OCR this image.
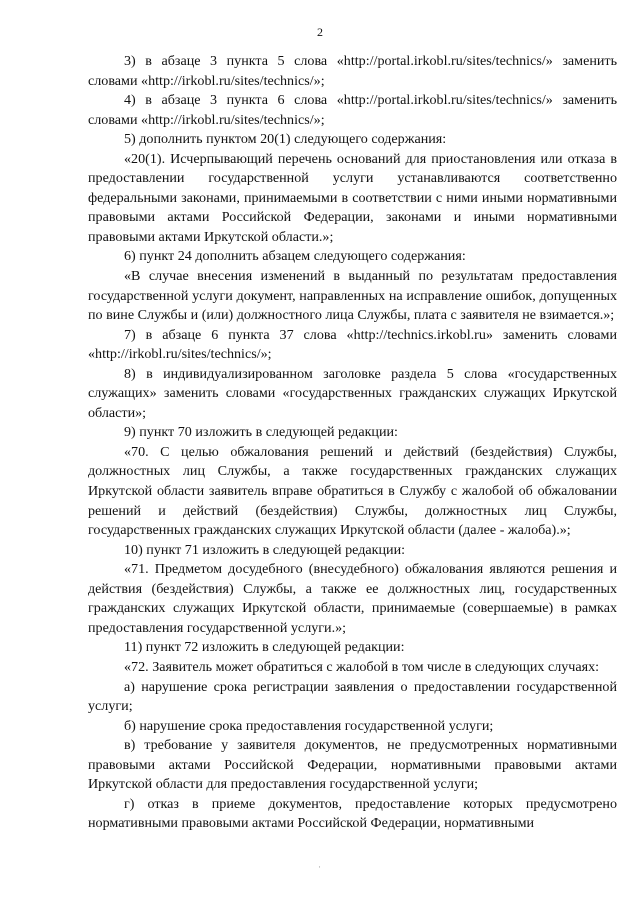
2

3) в абзаце 3 пункта 5 слова «http://portal.irkobl.ru/sites/technics/» заменить словами «http://irkobl.ru/sites/technics/»;

4) в абзаце 3 пункта 6 слова «http://portal.irkobl.ru/sites/technics/» заменить словами «http://irkobl.ru/sites/technics/»;

5) дополнить пунктом 20(1) следующего содержания:

«20(1). Исчерпывающий перечень оснований для приостановления или отказа в предоставлении государственной услуги устанавливаются соответственно федеральными законами, принимаемыми в соответствии с ними иными нормативными правовыми актами Российской Федерации, законами и иными нормативными правовыми актами Иркутской области.»;

6) пункт 24 дополнить абзацем следующего содержания:

«В случае внесения изменений в выданный по результатам предоставления государственной услуги документ, направленных на исправление ошибок, допущенных по вине Службы и (или) должностного лица Службы, плата с заявителя не взимается.»;

7) в абзаце 6 пункта 37 слова «http://technics.irkobl.ru» заменить словами «http://irkobl.ru/sites/technics/»;

8) в индивидуализированном заголовке раздела 5 слова «государственных служащих» заменить словами «государственных гражданских служащих Иркутской области»;

9) пункт 70 изложить в следующей редакции:

«70. С целью обжалования решений и действий (бездействия) Службы, должностных лиц Службы, а также государственных гражданских служащих Иркутской области заявитель вправе обратиться в Службу с жалобой об обжаловании решений и действий (бездействия) Службы, должностных лиц Службы, государственных гражданских служащих Иркутской области (далее - жалоба).»;

10) пункт 71 изложить в следующей редакции:

«71. Предметом досудебного (внесудебного) обжалования являются решения и действия (бездействия) Службы, а также ее должностных лиц, государственных гражданских служащих Иркутской области, принимаемые (совершаемые) в рамках предоставления государственной услуги.»;

11) пункт 72 изложить в следующей редакции:

«72. Заявитель может обратиться с жалобой в том числе в следующих случаях:

а) нарушение срока регистрации заявления о предоставлении государственной услуги;

б) нарушение срока предоставления государственной услуги;

в) требование у заявителя документов, не предусмотренных нормативными правовыми актами Российской Федерации, нормативными правовыми актами Иркутской области для предоставления государственной услуги;

г) отказ в приеме документов, предоставление которых предусмотрено нормативными правовыми актами Российской Федерации, нормативными

·
